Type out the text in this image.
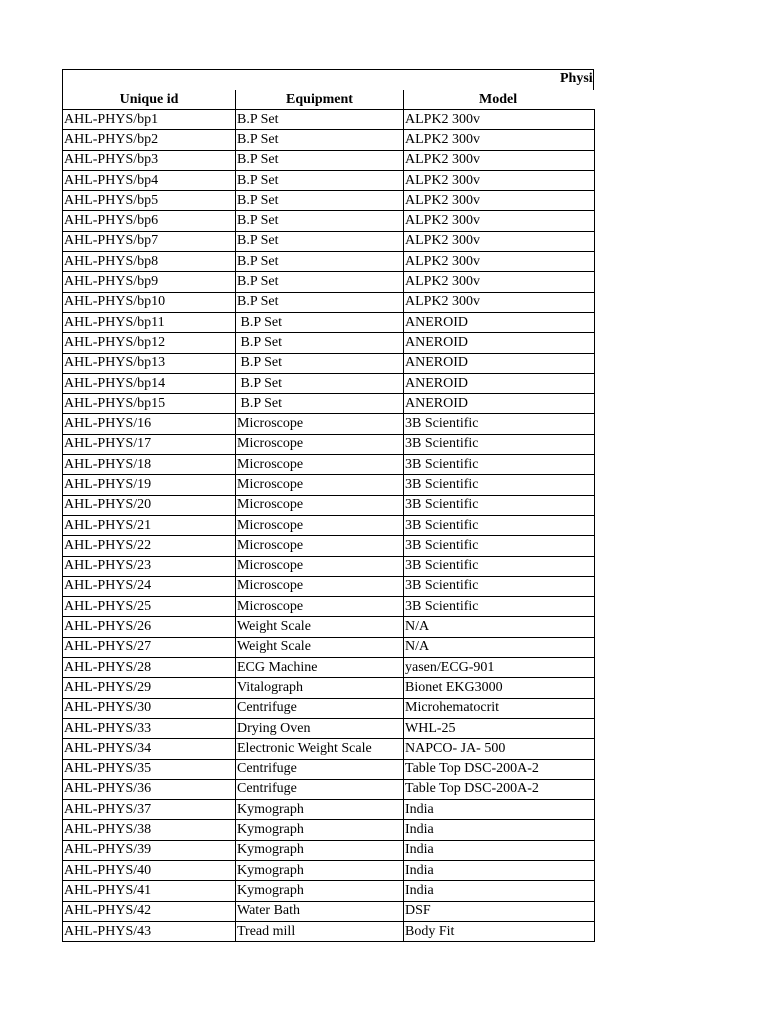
Physi
Unique id	Equipment	Model
AHL-PHYS/bp1	B.P Set	ALPK2 300v
AHL-PHYS/bp2	B.P Set	ALPK2 300v
AHL-PHYS/bp3	B.P Set	ALPK2 300v
AHL-PHYS/bp4	B.P Set	ALPK2 300v
AHL-PHYS/bp5	B.P Set	ALPK2 300v
AHL-PHYS/bp6	B.P Set	ALPK2 300v
AHL-PHYS/bp7	B.P Set	ALPK2 300v
AHL-PHYS/bp8	B.P Set	ALPK2 300v
AHL-PHYS/bp9	B.P Set	ALPK2 300v
AHL-PHYS/bp10	B.P Set	ALPK2 300v
AHL-PHYS/bp11	B.P Set	ANEROID
AHL-PHYS/bp12	B.P Set	ANEROID
AHL-PHYS/bp13	B.P Set	ANEROID
AHL-PHYS/bp14	B.P Set	ANEROID
AHL-PHYS/bp15	B.P Set	ANEROID
AHL-PHYS/16	Microscope	3B Scientific
AHL-PHYS/17	Microscope	3B Scientific
AHL-PHYS/18	Microscope	3B Scientific
AHL-PHYS/19	Microscope	3B Scientific
AHL-PHYS/20	Microscope	3B Scientific
AHL-PHYS/21	Microscope	3B Scientific
AHL-PHYS/22	Microscope	3B Scientific
AHL-PHYS/23	Microscope	3B Scientific
AHL-PHYS/24	Microscope	3B Scientific
AHL-PHYS/25	Microscope	3B Scientific
AHL-PHYS/26	Weight Scale	N/A
AHL-PHYS/27	Weight Scale	N/A
AHL-PHYS/28	ECG Machine	yasen/ECG-901
AHL-PHYS/29	Vitalograph	Bionet EKG3000
AHL-PHYS/30	Centrifuge	Microhematocrit
AHL-PHYS/33	Drying Oven	WHL-25
AHL-PHYS/34	Electronic Weight Scale	NAPCO- JA- 500
AHL-PHYS/35	Centrifuge	Table Top DSC-200A-2
AHL-PHYS/36	Centrifuge	Table Top DSC-200A-2
AHL-PHYS/37	Kymograph	India
AHL-PHYS/38	Kymograph	India
AHL-PHYS/39	Kymograph	India
AHL-PHYS/40	Kymograph	India
AHL-PHYS/41	Kymograph	India
AHL-PHYS/42	Water Bath	DSF
AHL-PHYS/43	Tread mill	Body Fit
